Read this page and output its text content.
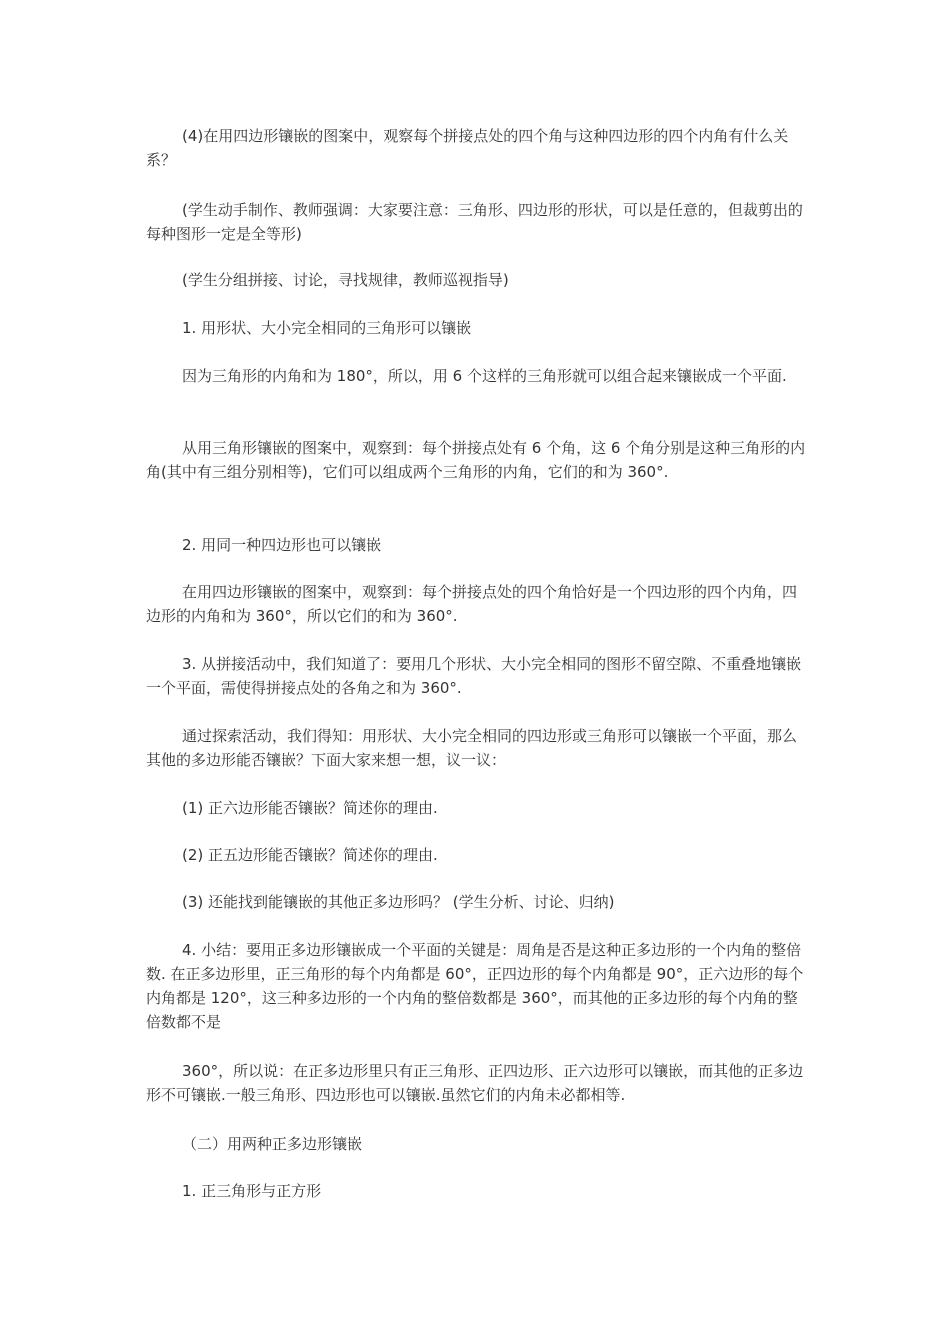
(4)在用四边形镶嵌的图案中，观察每个拼接点处的四个角与这种四边形的四个内角有什么关系？

(学生动手制作、教师强调：大家要注意：三角形、四边形的形状，可以是任意的，但裁剪出的每种图形一定是全等形)

(学生分组拼接、讨论，寻找规律，教师巡视指导)

1. 用形状、大小完全相同的三角形可以镶嵌

因为三角形的内角和为 180°，所以，用 6 个这样的三角形就可以组合起来镶嵌成一个平面.

从用三角形镶嵌的图案中，观察到：每个拼接点处有 6 个角，这 6 个角分别是这种三角形的内角(其中有三组分别相等)，它们可以组成两个三角形的内角，它们的和为 360°.

2. 用同一种四边形也可以镶嵌

在用四边形镶嵌的图案中，观察到：每个拼接点处的四个角恰好是一个四边形的四个内角，四边形的内角和为 360°，所以它们的和为 360°.

3. 从拼接活动中，我们知道了：要用几个形状、大小完全相同的图形不留空隙、不重叠地镶嵌一个平面，需使得拼接点处的各角之和为 360°.

通过探索活动，我们得知：用形状、大小完全相同的四边形或三角形可以镶嵌一个平面，那么其他的多边形能否镶嵌？下面大家来想一想，议一议：

(1) 正六边形能否镶嵌？简述你的理由.

(2) 正五边形能否镶嵌？简述你的理由.

(3) 还能找到能镶嵌的其他正多边形吗？ (学生分析、讨论、归纳)

4. 小结：要用正多边形镶嵌成一个平面的关键是：周角是否是这种正多边形的一个内角的整倍数. 在正多边形里，正三角形的每个内角都是 60°，正四边形的每个内角都是 90°，正六边形的每个内角都是 120°，这三种多边形的一个内角的整倍数都是 360°，而其他的正多边形的每个内角的整倍数都不是

360°，所以说：在正多边形里只有正三角形、正四边形、正六边形可以镶嵌，而其他的正多边形不可镶嵌.一般三角形、四边形也可以镶嵌.虽然它们的内角未必都相等.

（二）用两种正多边形镶嵌

1. 正三角形与正方形
